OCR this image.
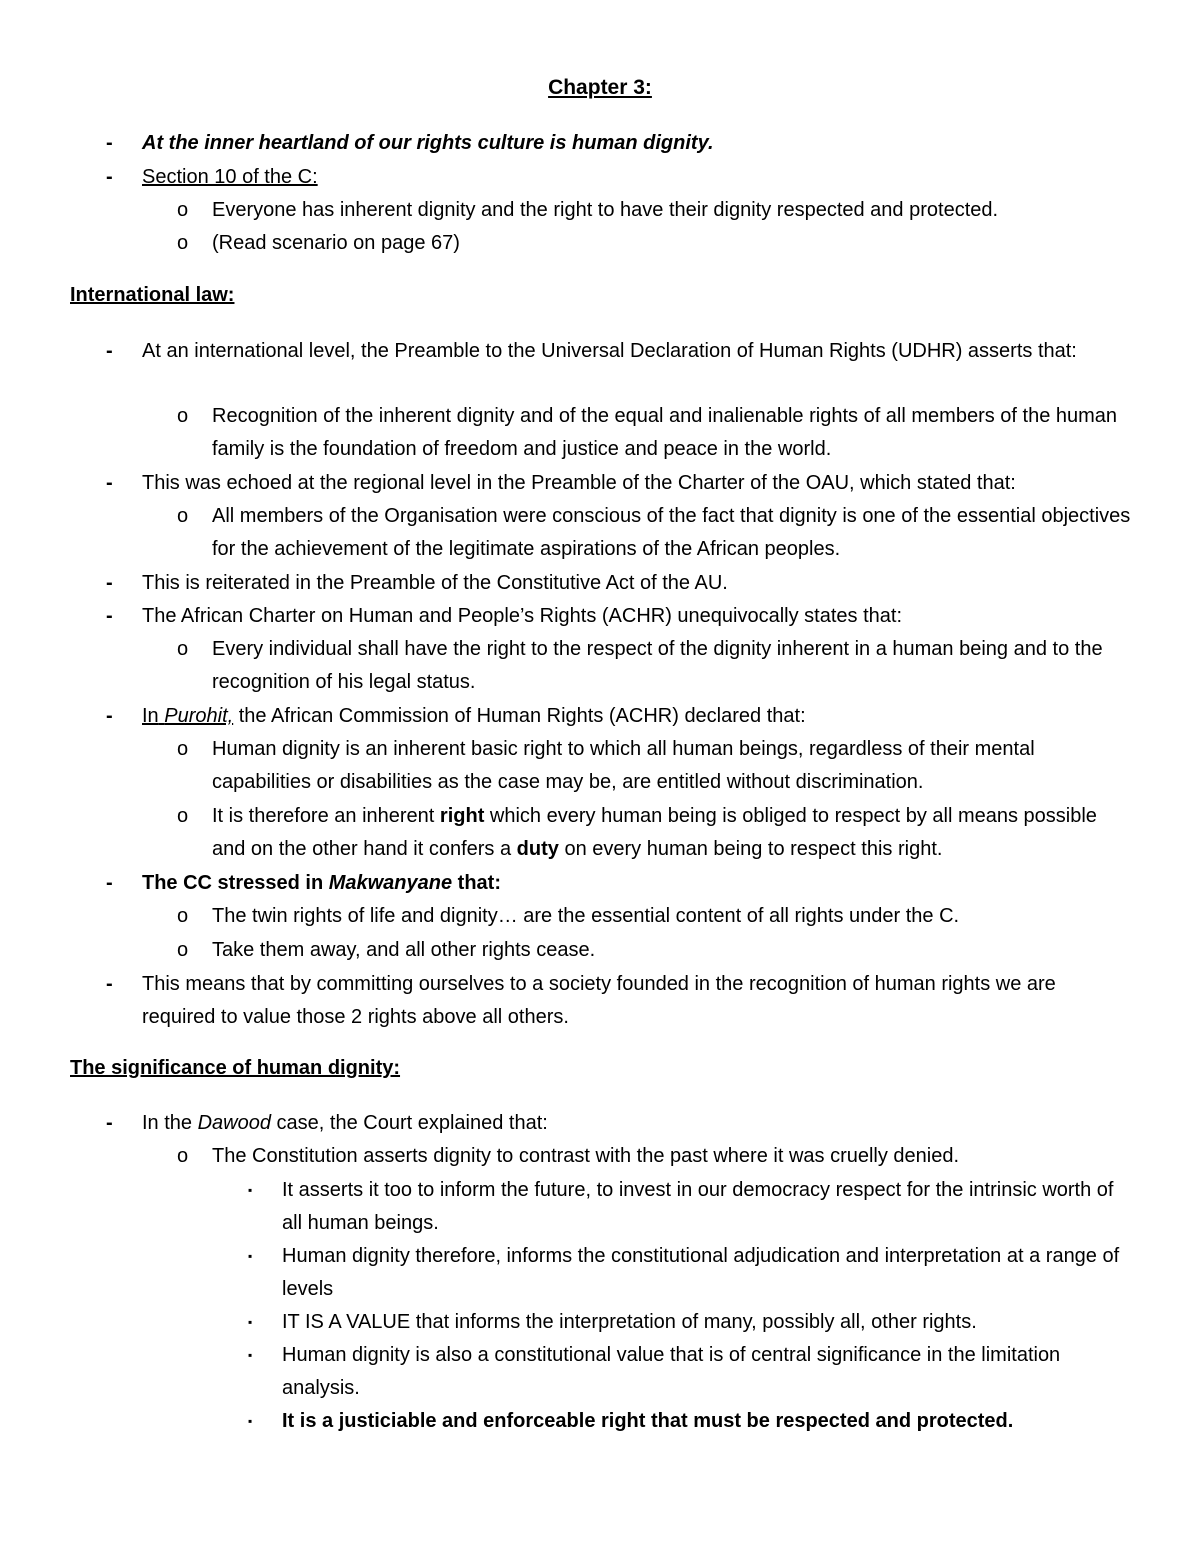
Chapter 3:
- At the inner heartland of our rights culture is human dignity.
- Section 10 of the C:
o Everyone has inherent dignity and the right to have their dignity respected and protected.
o (Read scenario on page 67)
International law:
- At an international level, the Preamble to the Universal Declaration of Human Rights (UDHR) asserts that:
o Recognition of the inherent dignity and of the equal and inalienable rights of all members of the human family is the foundation of freedom and justice and peace in the world.
- This was echoed at the regional level in the Preamble of the Charter of the OAU, which stated that:
o All members of the Organisation were conscious of the fact that dignity is one of the essential objectives for the achievement of the legitimate aspirations of the African peoples.
- This is reiterated in the Preamble of the Constitutive Act of the AU.
- The African Charter on Human and People’s Rights (ACHR) unequivocally states that:
o Every individual shall have the right to the respect of the dignity inherent in a human being and to the recognition of his legal status.
- In Purohit, the African Commission of Human Rights (ACHR) declared that:
o Human dignity is an inherent basic right to which all human beings, regardless of their mental capabilities or disabilities as the case may be, are entitled without discrimination.
o It is therefore an inherent right which every human being is obliged to respect by all means possible and on the other hand it confers a duty on every human being to respect this right.
- The CC stressed in Makwanyane that:
o The twin rights of life and dignity… are the essential content of all rights under the C.
o Take them away, and all other rights cease.
- This means that by committing ourselves to a society founded in the recognition of human rights we are required to value those 2 rights above all others.
The significance of human dignity:
- In the Dawood case, the Court explained that:
o The Constitution asserts dignity to contrast with the past where it was cruelly denied.
▪ It asserts it too to inform the future, to invest in our democracy respect for the intrinsic worth of all human beings.
▪ Human dignity therefore, informs the constitutional adjudication and interpretation at a range of levels
▪ IT IS A VALUE that informs the interpretation of many, possibly all, other rights.
▪ Human dignity is also a constitutional value that is of central significance in the limitation analysis.
▪ It is a justiciable and enforceable right that must be respected and protected.
